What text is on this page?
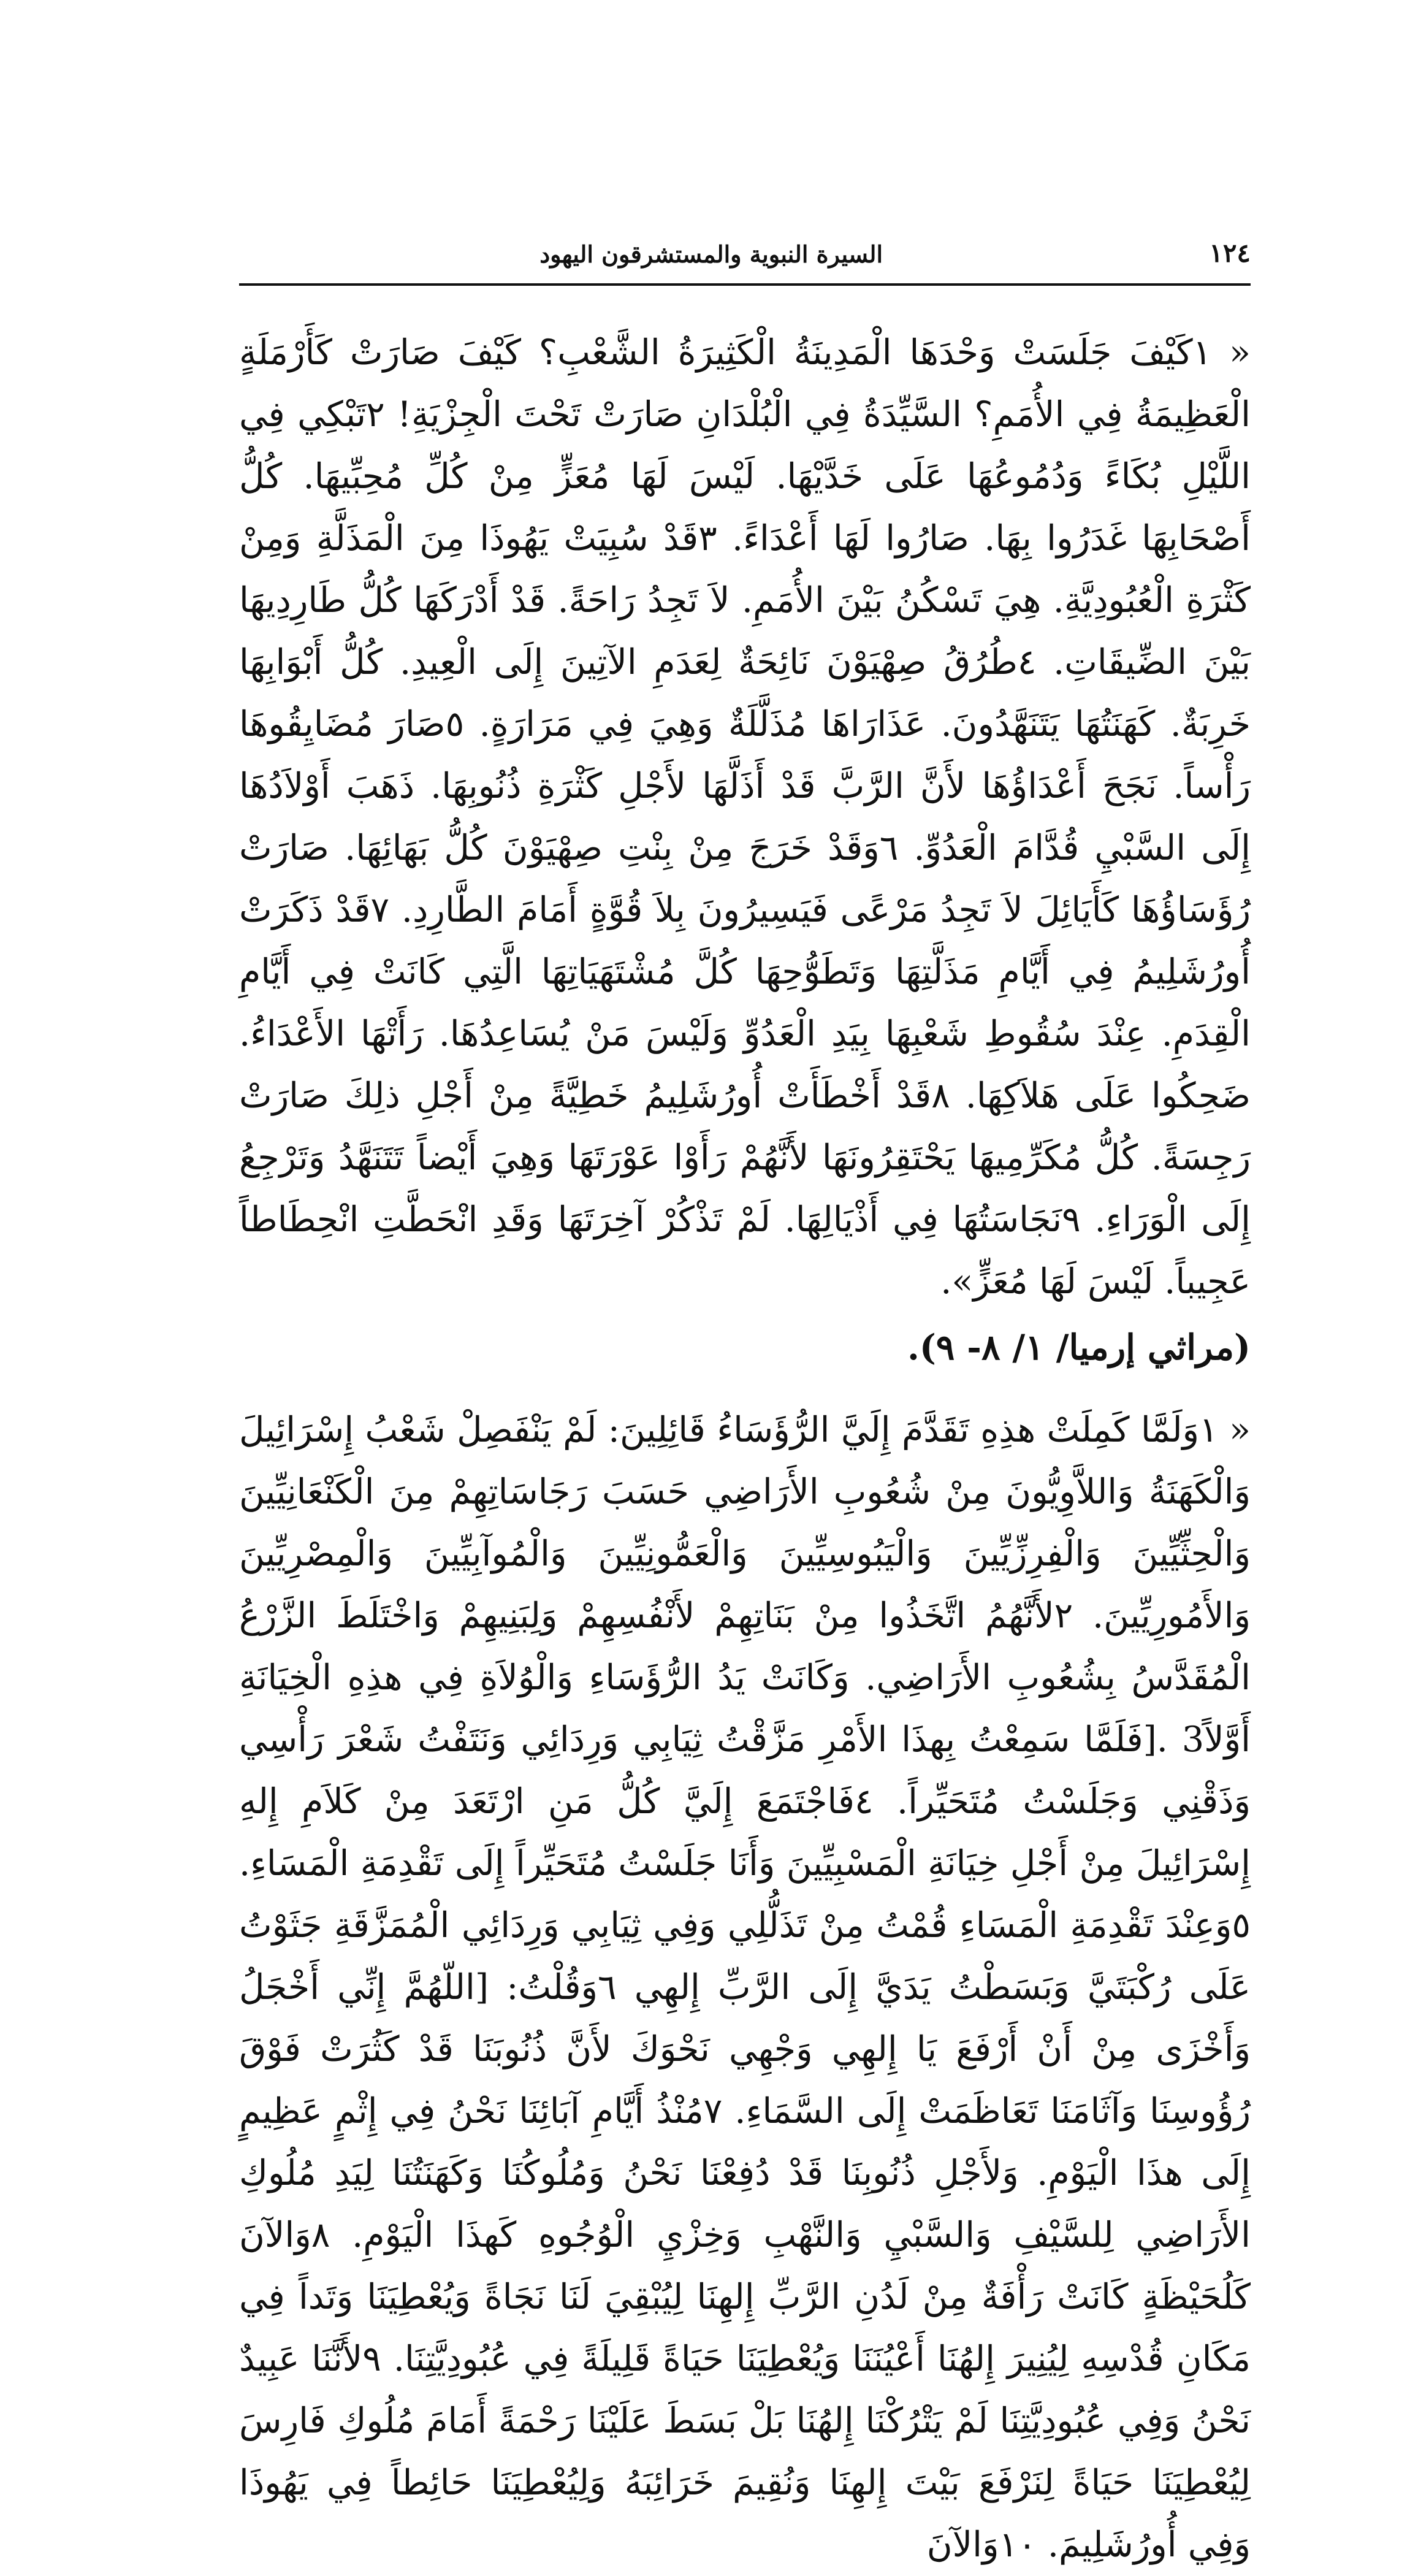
١٢٤
السيرة النبوية والمستشرقون اليهود

« ١كَيْفَ جَلَسَتْ وَحْدَهَا الْمَدِينَةُ الْكَثِيرَةُ الشَّعْبِ؟ كَيْفَ صَارَتْ كَأَرْمَلَةٍ الْعَظِيمَةُ فِي الأُمَمِ؟ السَّيِّدَةُ فِي الْبُلْدَانِ صَارَتْ تَحْتَ الْجِزْيَةِ! ٢تَبْكِي فِي اللَّيْلِ بُكَاءً وَدُمُوعُهَا عَلَى خَدَّيْهَا. لَيْسَ لَهَا مُعَزٍّ مِنْ كُلِّ مُحِبِّيهَا. كُلُّ أَصْحَابِهَا غَدَرُوا بِهَا. صَارُوا لَهَا أَعْدَاءً. ٣قَدْ سُبِيَتْ يَهُوذَا مِنَ الْمَذَلَّةِ وَمِنْ كَثْرَةِ الْعُبُودِيَّةِ. هِيَ تَسْكُنُ بَيْنَ الأُمَمِ. لاَ تَجِدُ رَاحَةً. قَدْ أَدْرَكَهَا كُلُّ طَارِدِيهَا بَيْنَ الضِّيقَاتِ. ٤طُرُقُ صِهْيَوْنَ نَائِحَةٌ لِعَدَمِ الآتِينَ إِلَى الْعِيدِ. كُلُّ أَبْوَابِهَا خَرِبَةٌ. كَهَنَتُهَا يَتَنَهَّدُونَ. عَذَارَاهَا مُذَلَّلَةٌ وَهِيَ فِي مَرَارَةٍ. ٥صَارَ مُضَايِقُوهَا رَأْساً. نَجَحَ أَعْدَاؤُهَا لأَنَّ الرَّبَّ قَدْ أَذَلَّهَا لأَجْلِ كَثْرَةِ ذُنُوبِهَا. ذَهَبَ أَوْلاَدُهَا إِلَى السَّبْيِ قُدَّامَ الْعَدُوِّ. ٦وَقَدْ خَرَجَ مِنْ بِنْتِ صِهْيَوْنَ كُلُّ بَهَائِهَا. صَارَتْ رُؤَسَاؤُهَا كَأَيَائِلَ لاَ تَجِدُ مَرْعًى فَيَسِيرُونَ بِلاَ قُوَّةٍ أَمَامَ الطَّارِدِ. ٧قَدْ ذَكَرَتْ أُورُشَلِيمُ فِي أَيَّامِ مَذَلَّتِهَا وَتَطَوُّحِهَا كُلَّ مُشْتَهَيَاتِهَا الَّتِي كَانَتْ فِي أَيَّامِ الْقِدَمِ. عِنْدَ سُقُوطِ شَعْبِهَا بِيَدِ الْعَدُوِّ وَلَيْسَ مَنْ يُسَاعِدُهَا. رَأَتْهَا الأَعْدَاءُ. ضَحِكُوا عَلَى هَلاَكِهَا. ٨قَدْ أَخْطَأَتْ أُورُشَلِيمُ خَطِيَّةً مِنْ أَجْلِ ذلِكَ صَارَتْ رَجِسَةً. كُلُّ مُكَرِّمِيهَا يَحْتَقِرُونَهَا لأَنَّهُمْ رَأَوْا عَوْرَتَهَا وَهِيَ أَيْضاً تَتَنَهَّدُ وَتَرْجِعُ إِلَى الْوَرَاءِ. ٩نَجَاسَتُهَا فِي أَذْيَالِهَا. لَمْ تَذْكُرْ آخِرَتَهَا وَقَدِ انْحَطَّتِ انْحِطَاطاً عَجِيباً. لَيْسَ لَهَا مُعَزٍّ».

(مراثي إرميا/ ١/ ٨- ٩).

« ١وَلَمَّا كَمِلَتْ هذِهِ تَقَدَّمَ إِلَيَّ الرُّؤَسَاءُ قَائِلِينَ: لَمْ يَنْفَصِلْ شَعْبُ إِسْرَائِيلَ وَالْكَهَنَةُ وَاللاَّوِيُّونَ مِنْ شُعُوبِ الأَرَاضِي حَسَبَ رَجَاسَاتِهِمْ مِنَ الْكَنْعَانِيِّينَ وَالْحِثِّيِّينَ وَالْفِرِزِّيِّينَ وَالْيَبُوسِيِّينَ وَالْعَمُّونِيِّينَ وَالْمُوآبِيِّينَ وَالْمِصْرِيِّينَ وَالأَمُورِيِّينَ. ٢لأَنَّهُمُ اتَّخَذُوا مِنْ بَنَاتِهِمْ لأَنْفُسِهِمْ وَلِبَنِيهِمْ وَاخْتَلَطَ الزَّرْعُ الْمُقَدَّسُ بِشُعُوبِ الأَرَاضِي. وَكَانَتْ يَدُ الرُّؤَسَاءِ وَالْوُلاَةِ فِي هذِهِ الْخِيَانَةِ أَوَّلاً3 .[فَلَمَّا سَمِعْتُ بِهذَا الأَمْرِ مَزَّقْتُ ثِيَابِي وَرِدَائِي وَنَتَفْتُ شَعْرَ رَأْسِي وَذَقْنِي وَجَلَسْتُ مُتَحَيِّراً. ٤فَاجْتَمَعَ إِلَيَّ كُلُّ مَنِ ارْتَعَدَ مِنْ كَلاَمِ إِلهِ إِسْرَائِيلَ مِنْ أَجْلِ خِيَانَةِ الْمَسْبِيِّينَ وَأَنَا جَلَسْتُ مُتَحَيِّراً إِلَى تَقْدِمَةِ الْمَسَاءِ. ٥وَعِنْدَ تَقْدِمَةِ الْمَسَاءِ قُمْتُ مِنْ تَذَلُّلِي وَفِي ثِيَابِي وَرِدَائِي الْمُمَزَّقَةِ جَثَوْتُ عَلَى رُكْبَتَيَّ وَبَسَطْتُ يَدَيَّ إِلَى الرَّبِّ إِلهِي ٦وَقُلْتُ: [اللّهُمَّ إِنِّي أَخْجَلُ وَأَخْزَى مِنْ أَنْ أَرْفَعَ يَا إِلهِي وَجْهِي نَحْوَكَ لأَنَّ ذُنُوبَنَا قَدْ كَثُرَتْ فَوْقَ رُؤُوسِنَا وَآثَامَنَا تَعَاظَمَتْ إِلَى السَّمَاءِ. ٧مُنْذُ أَيَّامِ آبَائِنَا نَحْنُ فِي إِثْمٍ عَظِيمٍ إِلَى هذَا الْيَوْمِ. وَلأَجْلِ ذُنُوبِنَا قَدْ دُفِعْنَا نَحْنُ وَمُلُوكُنَا وَكَهَنَتُنَا لِيَدِ مُلُوكِ الأَرَاضِي لِلسَّيْفِ وَالسَّبْيِ وَالنَّهْبِ وَخِزْيِ الْوُجُوهِ كَهذَا الْيَوْمِ. ٨وَالآنَ كَلُحَيْظَةٍ كَانَتْ رَأْفَةٌ مِنْ لَدُنِ الرَّبِّ إِلهِنَا لِيُبْقِيَ لَنَا نَجَاةً وَيُعْطِيَنَا وَتَداً فِي مَكَانِ قُدْسِهِ لِيُنِيرَ إِلهُنَا أَعْيُنَنَا وَيُعْطِيَنَا حَيَاةً قَلِيلَةً فِي عُبُودِيَّتِنَا. ٩لأَنَّنَا عَبِيدٌ نَحْنُ وَفِي عُبُودِيَّتِنَا لَمْ يَتْرُكْنَا إِلهُنَا بَلْ بَسَطَ عَلَيْنَا رَحْمَةً أَمَامَ مُلُوكِ فَارِسَ لِيُعْطِيَنَا حَيَاةً لِنَرْفَعَ بَيْتَ إِلهِنَا وَنُقِيمَ خَرَائِبَهُ وَلِيُعْطِيَنَا حَائِطاً فِي يَهُوذَا وَفِي أُورُشَلِيمَ. ١٠وَالآنَ
